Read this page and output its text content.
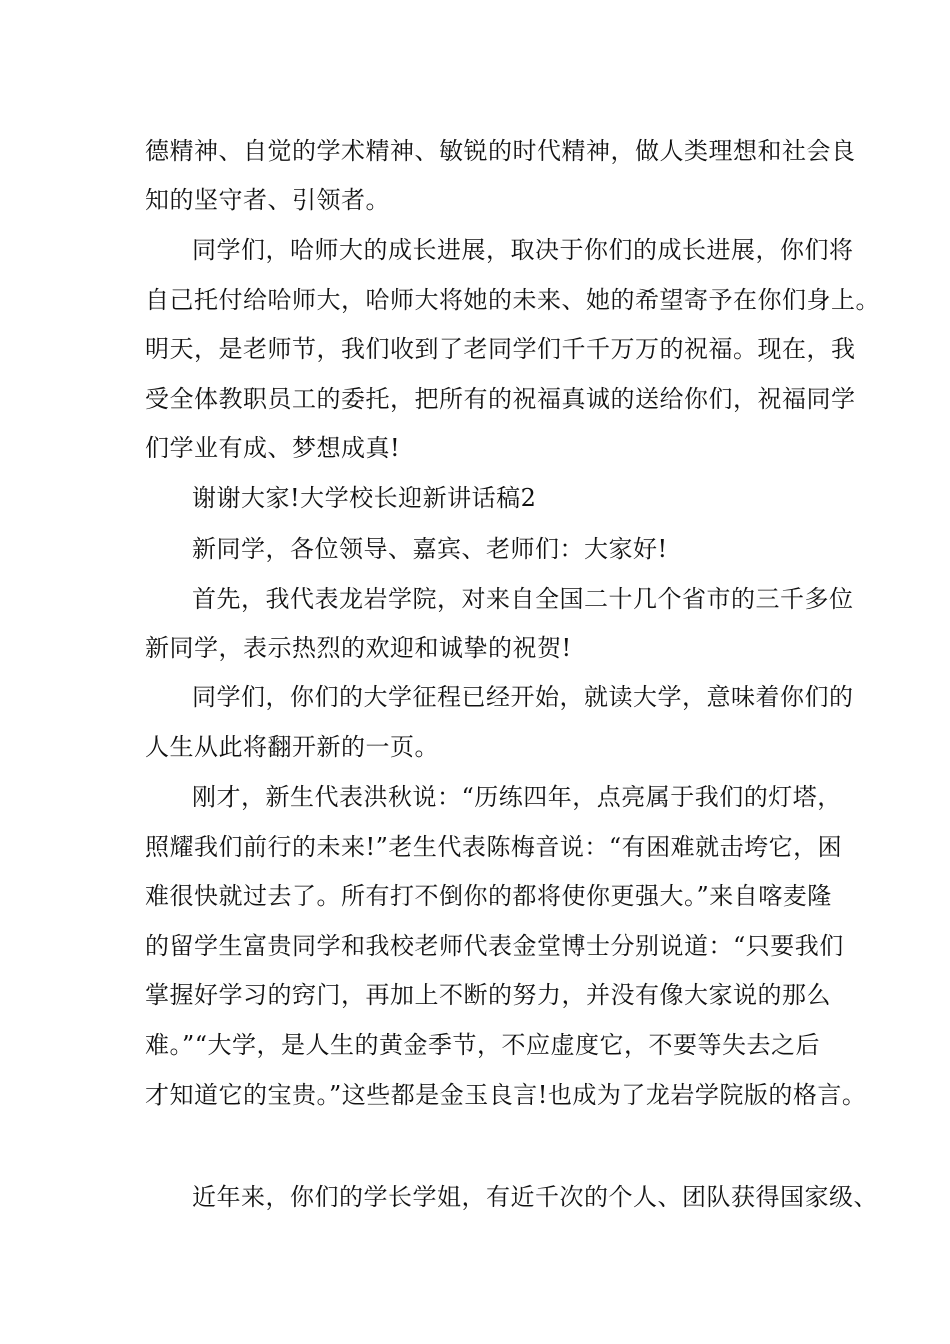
德精神、自觉的学术精神、敏锐的时代精神，做人类理想和社会良
知的坚守者、引领者。
同学们，哈师大的成长进展，取决于你们的成长进展，你们将
自己托付给哈师大，哈师大将她的未来、她的希望寄予在你们身上。
明天，是老师节，我们收到了老同学们千千万万的祝福。现在，我
受全体教职员工的委托，把所有的祝福真诚的送给你们，祝福同学
们学业有成、梦想成真!
谢谢大家!大学校长迎新讲话稿2
新同学，各位领导、嘉宾、老师们：大家好!
首先，我代表龙岩学院，对来自全国二十几个省市的三千多位
新同学，表示热烈的欢迎和诚挚的祝贺!
同学们，你们的大学征程已经开始，就读大学，意味着你们的
人生从此将翻开新的一页。
刚才，新生代表洪秋说：“历练四年，点亮属于我们的灯塔，
照耀我们前行的未来!”老生代表陈梅音说：“有困难就击垮它，困
难很快就过去了。所有打不倒你的都将使你更强大。”来自喀麦隆
的留学生富贵同学和我校老师代表金堂博士分别说道：“只要我们
掌握好学习的窍门，再加上不断的努力，并没有像大家说的那么
难。”“大学，是人生的黄金季节，不应虚度它，不要等失去之后
才知道它的宝贵。”这些都是金玉良言!也成为了龙岩学院版的格言。
近年来，你们的学长学姐，有近千次的个人、团队获得国家级、
